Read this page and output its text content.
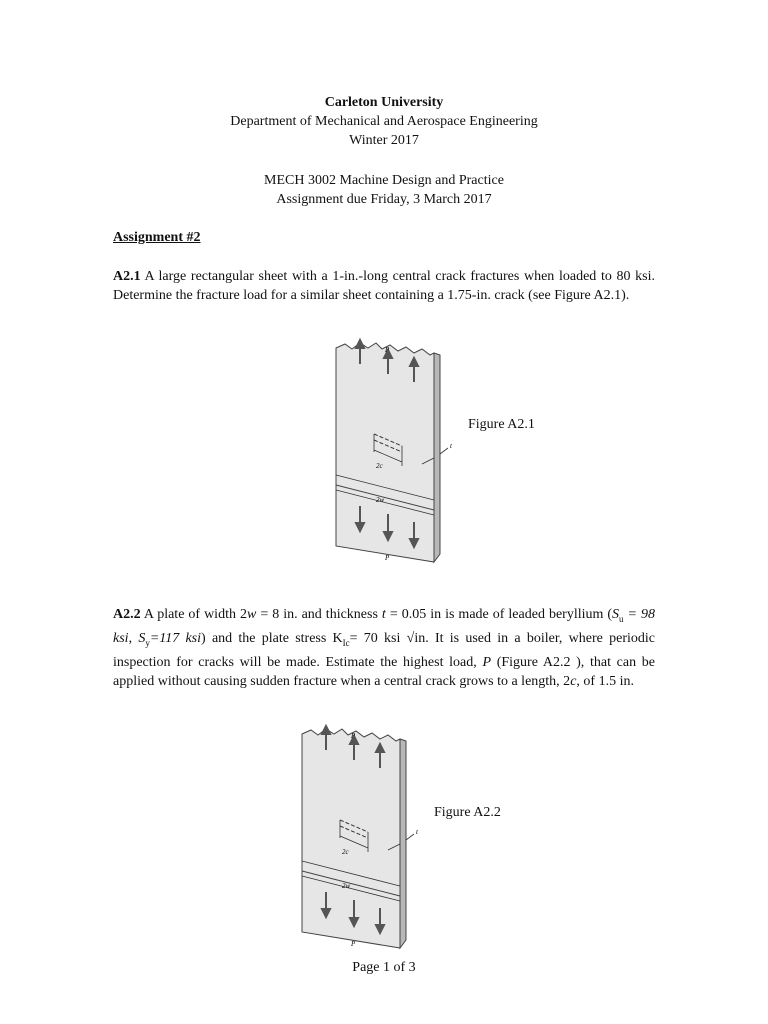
Carleton University
Department of Mechanical and Aerospace Engineering
Winter 2017
MECH 3002 Machine Design and Practice
Assignment due Friday, 3 March 2017
Assignment #2
A2.1 A large rectangular sheet with a 1-in.-long central crack fractures when loaded to 80 ksi. Determine the fracture load for a similar sheet containing a 1.75-in. crack (see Figure A2.1).
P
P
2c
2w
t
Figure A2.1
A2.2 A plate of width 2w = 8 in. and thickness t = 0.05 in is made of leaded beryllium ($S_u = 98$ ksi, $S_y=117$ ksi) and the plate stress $K_{Ic}= 70$ ksi √in. It is used in a boiler, where periodic inspection for cracks will be made. Estimate the highest load, P (Figure A2.2 ), that can be applied without causing sudden fracture when a central crack grows to a length, 2c, of 1.5 in.
P
P
2c
2w
t
Figure A2.2
Page 1 of 3
